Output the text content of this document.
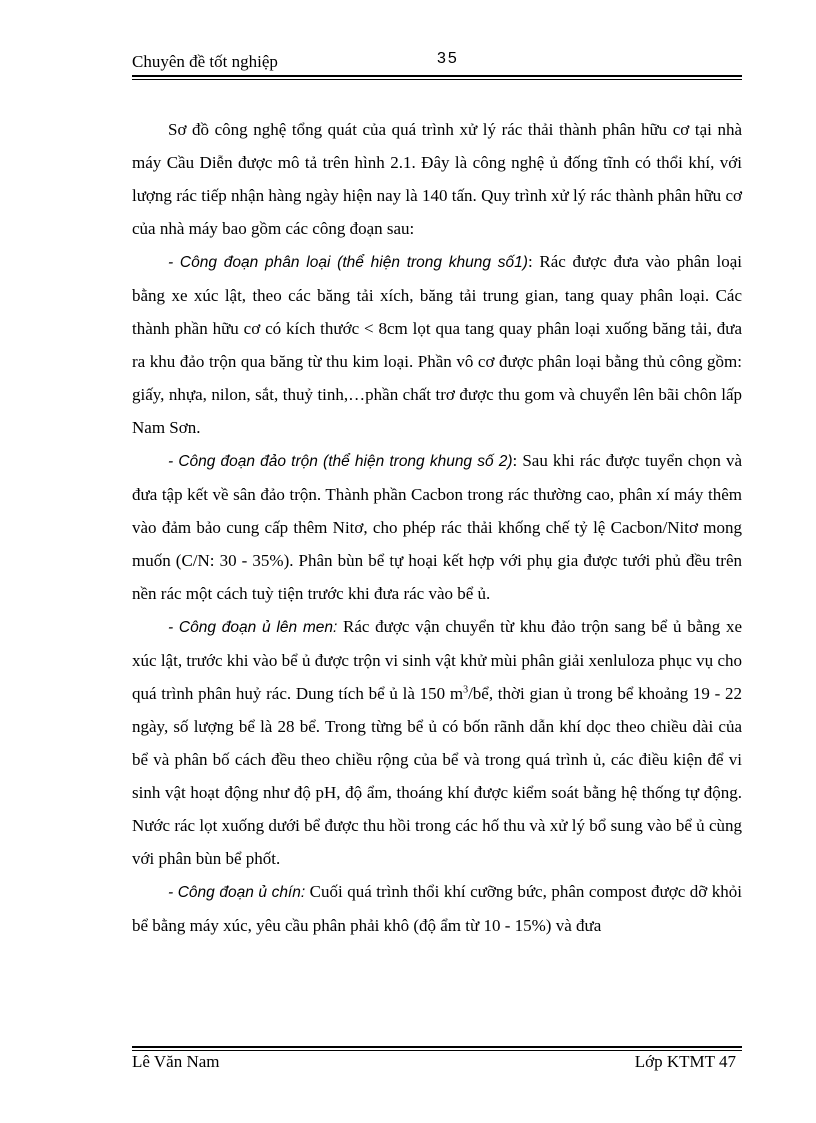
Chuyên đề tốt nghiệp	35

Sơ đồ công nghệ tổng quát của quá trình xử lý rác thải thành phân hữu cơ tại nhà máy Cầu Diễn được mô tả trên hình 2.1. Đây là công nghệ ủ đống tĩnh có thổi khí, với lượng rác tiếp nhận hàng ngày hiện nay là 140 tấn. Quy trình xử lý rác thành phân hữu cơ của nhà máy bao gồm các công đoạn sau:

- Công đoạn phân loại (thể hiện trong khung số1): Rác được đưa vào phân loại bằng xe xúc lật, theo các băng tải xích, băng tải trung gian, tang quay phân loại. Các thành phần hữu cơ có kích thước < 8cm lọt qua tang quay phân loại xuống băng tải, đưa ra khu đảo trộn qua băng từ thu kim loại. Phần vô cơ được phân loại bằng thủ công gồm: giấy, nhựa, nilon, sắt, thuỷ tinh,…phần chất trơ được thu gom và chuyển lên bãi chôn lấp Nam Sơn.

- Công đoạn đảo trộn (thể hiện trong khung số 2): Sau khi rác được tuyển chọn và đưa tập kết về sân đảo trộn. Thành phần Cacbon trong rác thường cao, phân xí máy thêm vào đảm bảo cung cấp thêm Nitơ, cho phép rác thải khống chế tỷ lệ Cacbon/Nitơ mong muốn (C/N: 30 - 35%). Phân bùn bể tự hoại kết hợp với phụ gia được tưới phủ đều trên nền rác một cách tuỳ tiện trước khi đưa rác vào bể ủ.

- Công đoạn ủ lên men: Rác được vận chuyển từ khu đảo trộn sang bể ủ bằng xe xúc lật, trước khi vào bể ủ được trộn vi sinh vật khử mùi phân giải xenluloza phục vụ cho quá trình phân huỷ rác. Dung tích bể ủ là 150 $m^3/bể$, thời gian ủ trong bể khoảng 19 - 22 ngày, số lượng bể là 28 bể. Trong từng bể ủ có bốn rãnh dẫn khí dọc theo chiều dài của bể và phân bố cách đều theo chiều rộng của bể và trong quá trình ủ, các điều kiện để vi sinh vật hoạt động như độ pH, độ ẩm, thoáng khí được kiểm soát bằng hệ thống tự động. Nước rác lọt xuống dưới bể được thu hồi trong các hố thu và xử lý bổ sung vào bể ủ cùng với phân bùn bể phốt.

- Công đoạn ủ chín: Cuối quá trình thổi khí cưỡng bức, phân compost được dỡ khỏi bể bằng máy xúc, yêu cầu phân phải khô (độ ẩm từ 10 - 15%) và đưa

Lê Văn Nam	Lớp KTMT 47
